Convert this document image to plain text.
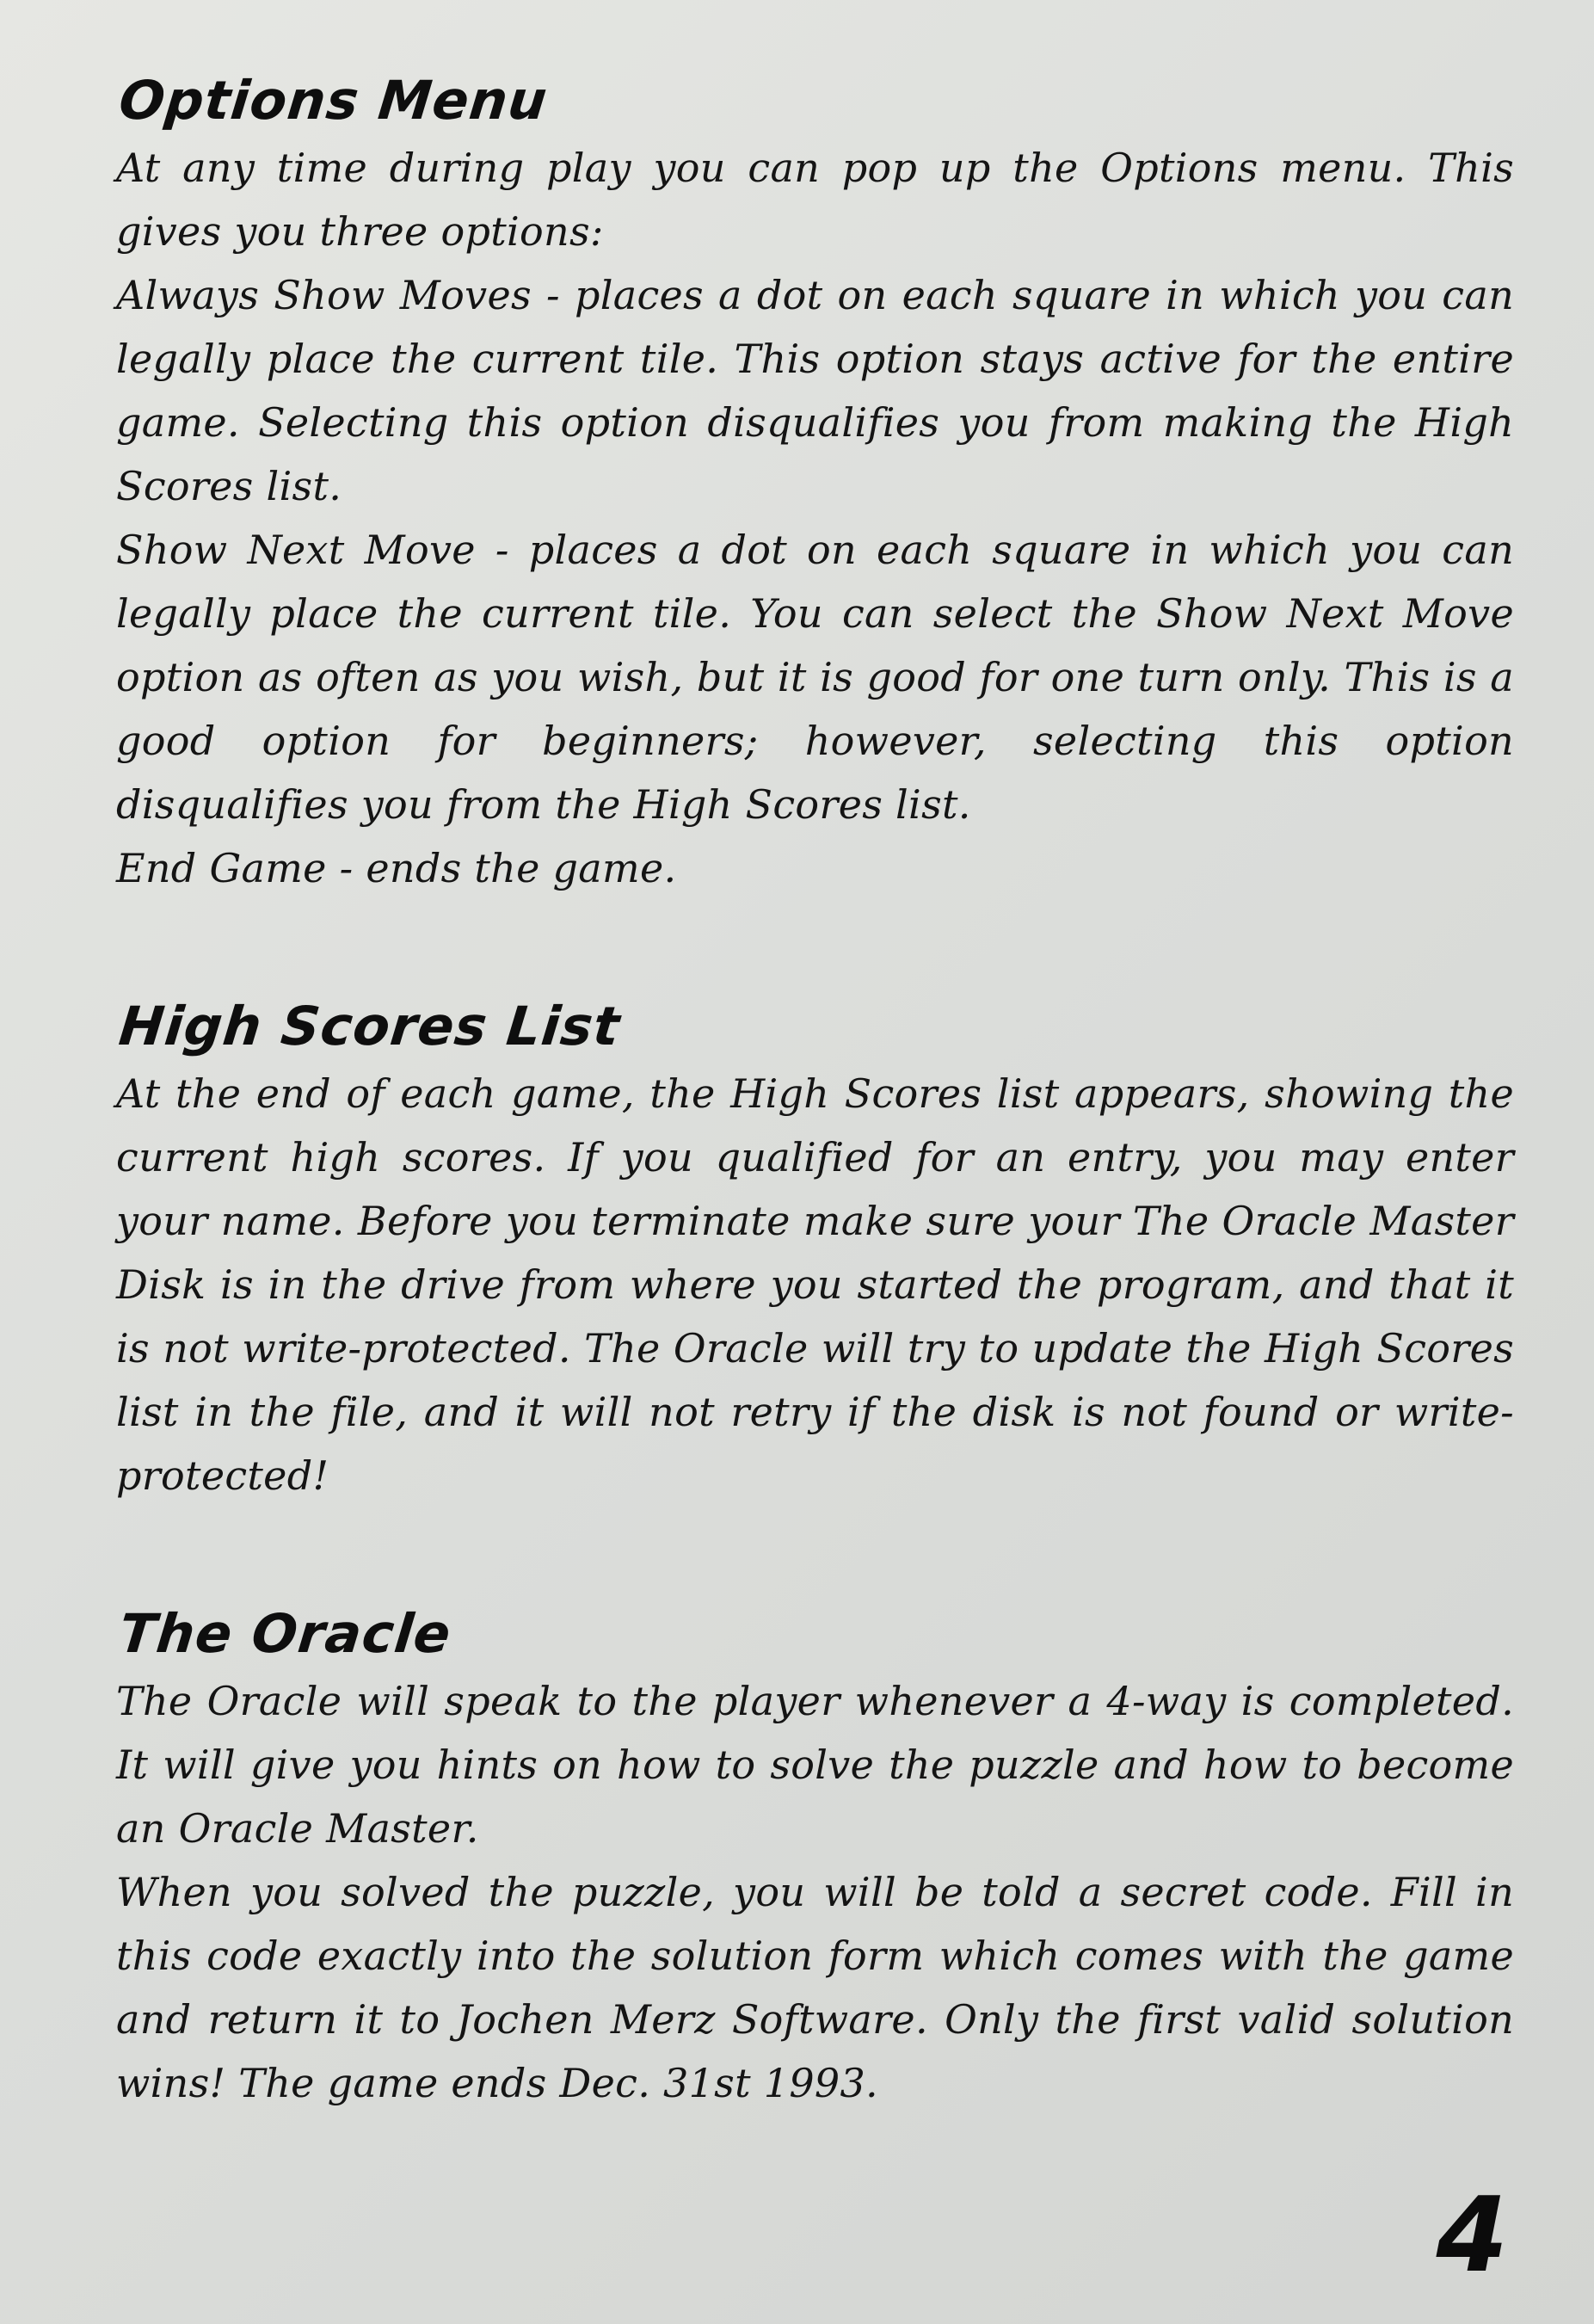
Options Menu

At any time during play you can pop up the Options menu. This gives you three options:

Always Show Moves - places a dot on each square in which you can legally place the current tile. This option stays active for the entire game. Selecting this option disqualifies you from making the High Scores list.

Show Next Move - places a dot on each square in which you can legally place the current tile. You can select the Show Next Move option as often as you wish, but it is good for one turn only. This is a good option for beginners; however, selecting this option disqualifies you from the High Scores list.

End Game - ends the game.

High Scores List

At the end of each game, the High Scores list appears, showing the current high scores. If you qualified for an entry, you may enter your name. Before you terminate make sure your The Oracle Master Disk is in the drive from where you started the program, and that it is not write-protected. The Oracle will try to update the High Scores list in the file, and it will not retry if the disk is not found or write-protected!

The Oracle

The Oracle will speak to the player whenever a 4-way is completed. It will give you hints on how to solve the puzzle and how to become an Oracle Master.

When you solved the puzzle, you will be told a secret code. Fill in this code exactly into the solution form which comes with the game and return it to Jochen Merz Software. Only the first valid solution wins! The game ends Dec. 31st 1993.

4
